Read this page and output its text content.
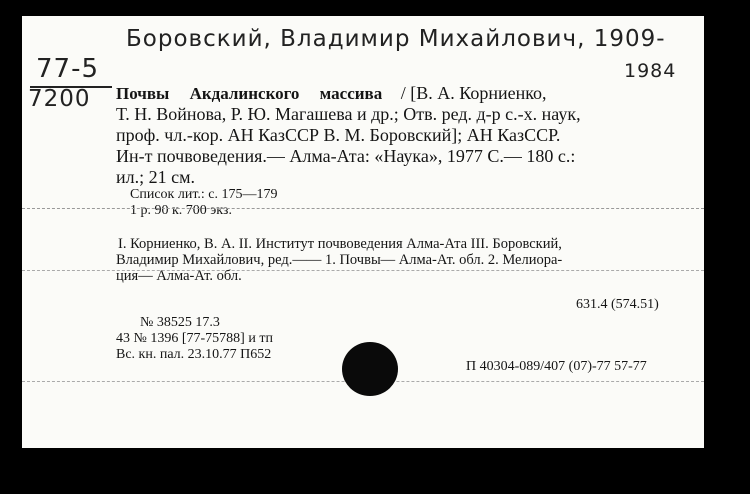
Боровский, Владимир Михайлович, 1909-
1984
77-5
7200 Почвы Акдалинского массива / [В. А. Корниенко,
Т. Н. Войнова, Р. Ю. Магашева и др.; Отв. ред. д-р с.-х. наук,
проф. чл.-кор. АН КазССР В. М. Боровский]; АН КазССР.
Ин-т почвоведения.— Алма-Ата: «Наука», 1977 С.— 180 с.:
ил.; 21 см.
Список лит.: с. 175—179
1 р. 90 к. 700 экз.
I. Корниенко, В. А. II. Институт почвоведения Алма-Ата III. Боровский,
Владимир Михайлович, ред.—— 1. Почвы— Алма-Ат. обл. 2. Мелиора-
ция— Алма-Ат. обл.
631.4 (574.51)
№ 38525 17.3
43 № 1396 [77-75788] и тп
Вс. кн. пал. 23.10.77 П652
П 40304-089/407 (07)-77 57-77
